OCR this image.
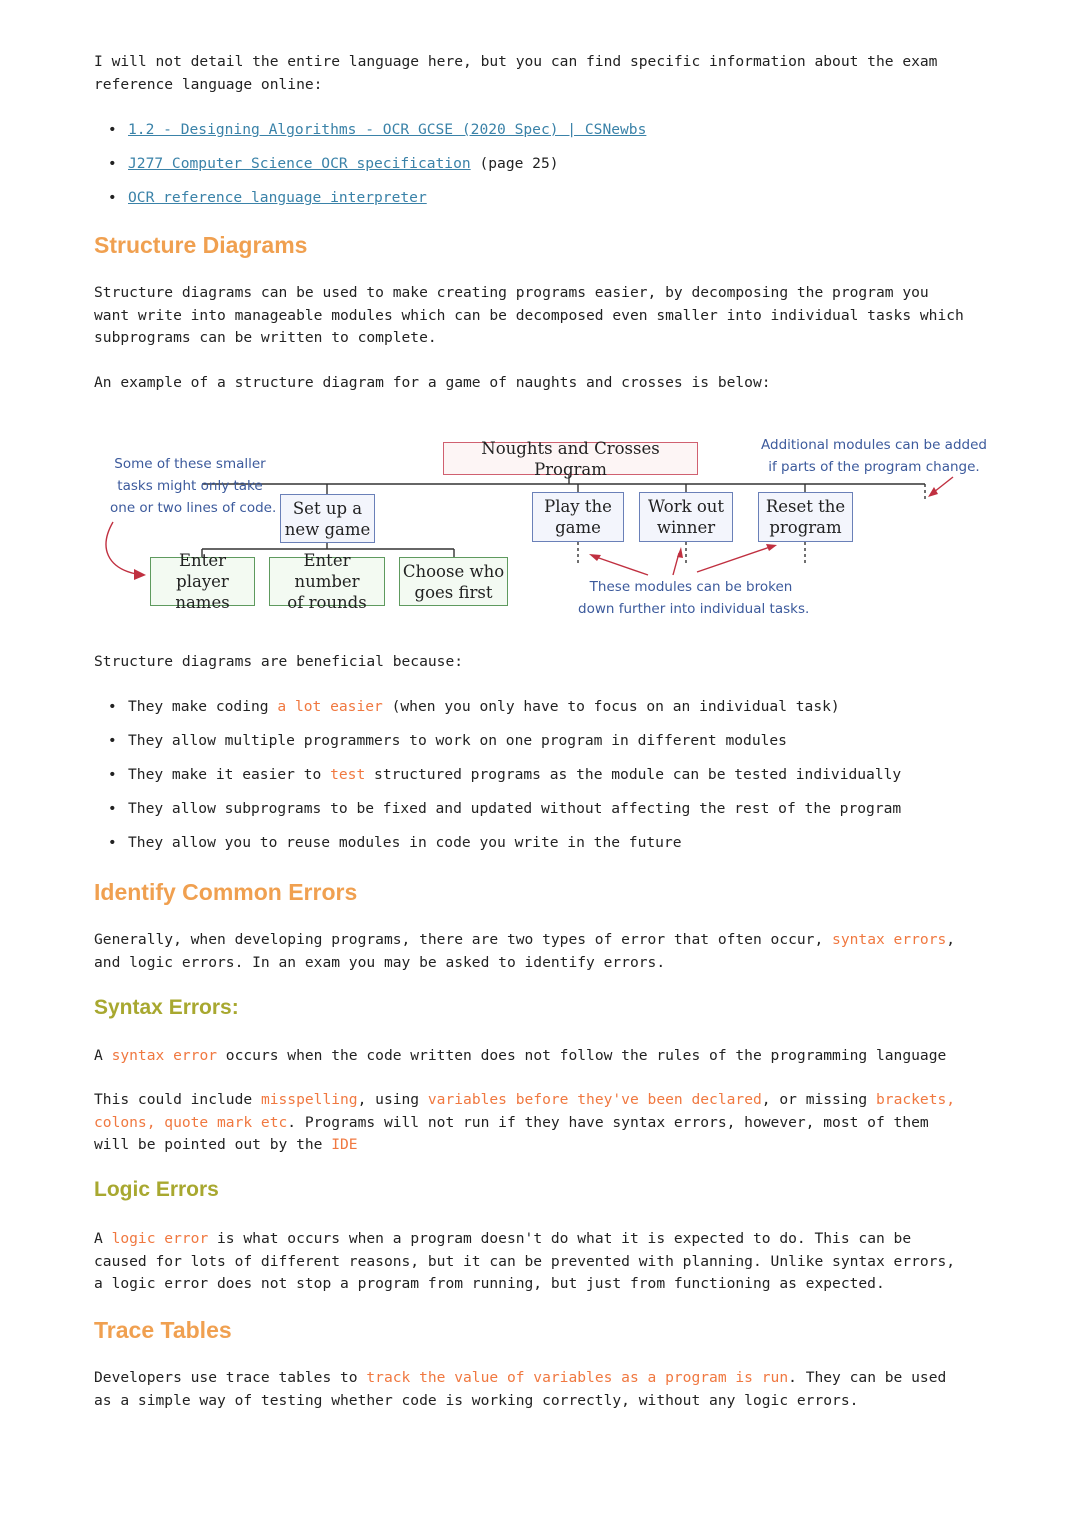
I will not detail the entire language here, but you can find specific information about the exam

reference language online:

• 1.2 - Designing Algorithms - OCR GCSE (2020 Spec) | CSNewbs
• J277 Computer Science OCR specification (page 25)
• OCR reference language interpreter
Structure Diagrams

Structure diagrams can be used to make creating programs easier, by decomposing the program you

want write into manageable modules which can be decomposed even smaller into individual tasks which

subprograms can be written to complete.

An example of a structure diagram for a game of naughts and crosses is below:

Noughts and Crosses Program
Set up a
new game
Play the
game
Work out
winner
Reset the
program
Enter player
names
Enter number
of rounds
Choose who
goes first
Some of these smaller
tasks might only take
one or two lines of code.
Additional modules can be added
if parts of the program change.
These modules can be broken
down further into individual tasks.

Structure diagrams are beneficial because:

• They make coding a lot easier (when you only have to focus on an individual task)
• They allow multiple programmers to work on one program in different modules
• They make it easier to test structured programs as the module can be tested individually
• They allow subprograms to be fixed and updated without affecting the rest of the program
• They allow you to reuse modules in code you write in the future
Identify Common Errors

Generally, when developing programs, there are two types of error that often occur, syntax errors,

and logic errors. In an exam you may be asked to identify errors.

Syntax Errors:

A syntax error occurs when the code written does not follow the rules of the programming language

This could include misspelling, using variables before they've been declared, or missing brackets,

colons, quote mark etc. Programs will not run if they have syntax errors, however, most of them

will be pointed out by the IDE

Logic Errors

A logic error is what occurs when a program doesn't do what it is expected to do. This can be

caused for lots of different reasons, but it can be prevented with planning. Unlike syntax errors,

a logic error does not stop a program from running, but just from functioning as expected.

Trace Tables

Developers use trace tables to track the value of variables as a program is run. They can be used

as a simple way of testing whether code is working correctly, without any logic errors.
